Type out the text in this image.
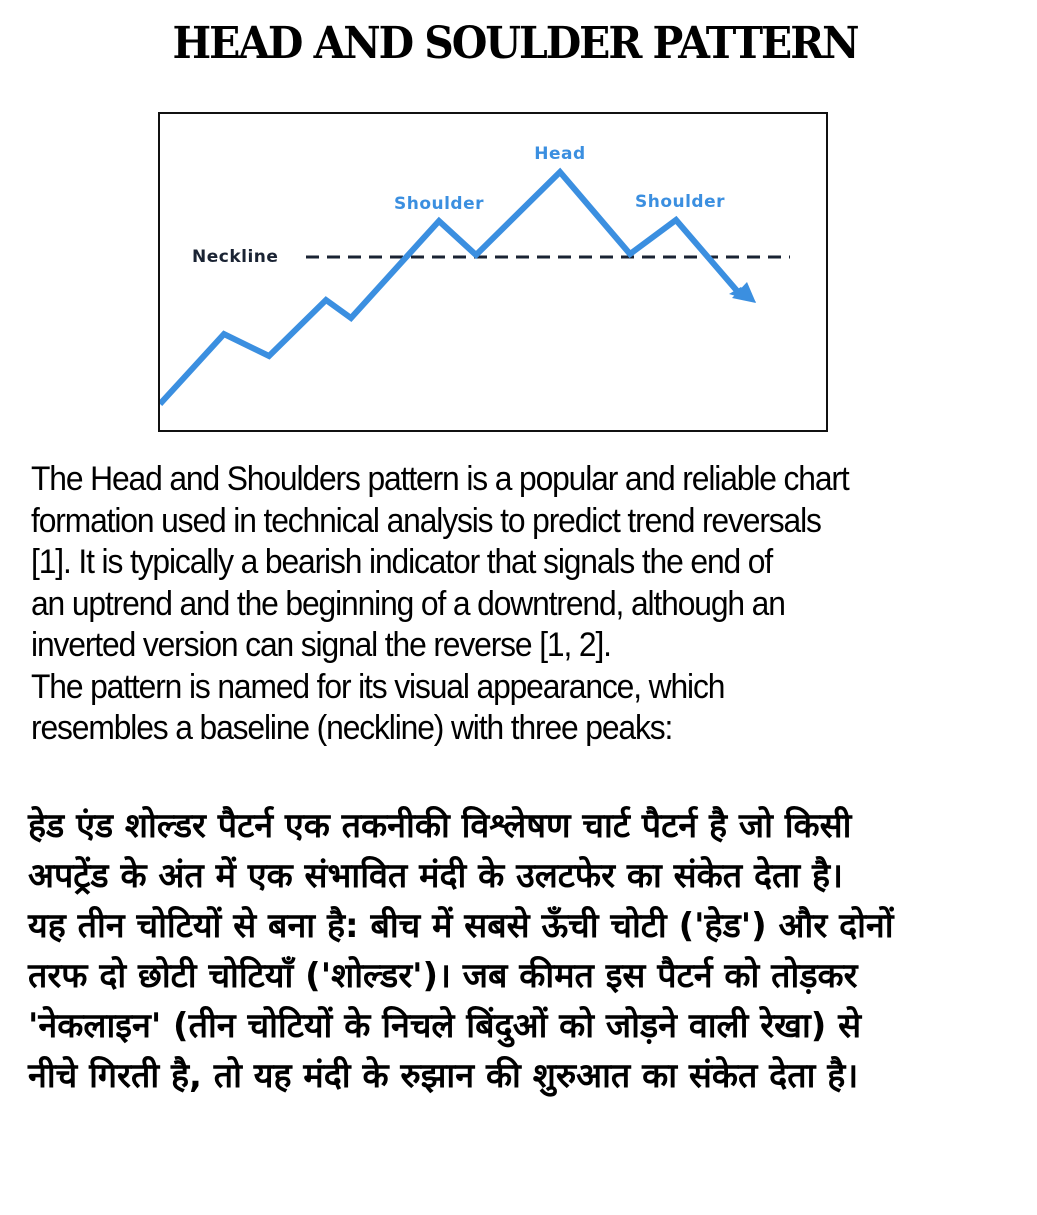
HEAD AND SOULDER PATTERN
Head
Shoulder	Shoulder
Neckline
The Head and Shoulders pattern is a popular and reliable chart
formation used in technical analysis to predict trend reversals
[1]. It is typically a bearish indicator that signals the end of
an uptrend and the beginning of a downtrend, although an
inverted version can signal the reverse [1, 2].
The pattern is named for its visual appearance, which
resembles a baseline (neckline) with three peaks:
हेड एंड शोल्डर पैटर्न एक तकनीकी विश्लेषण चार्ट पैटर्न है जो किसी
अपट्रेंड के अंत में एक संभावित मंदी के उलटफेर का संकेत देता है।
यह तीन चोटियों से बना है: बीच में सबसे ऊँची चोटी ('हेड') और दोनों
तरफ दो छोटी चोटियाँ ('शोल्डर')। जब कीमत इस पैटर्न को तोड़कर
'नेकलाइन' (तीन चोटियों के निचले बिंदुओं को जोड़ने वाली रेखा) से
नीचे गिरती है, तो यह मंदी के रुझान की शुरुआत का संकेत देता है।
